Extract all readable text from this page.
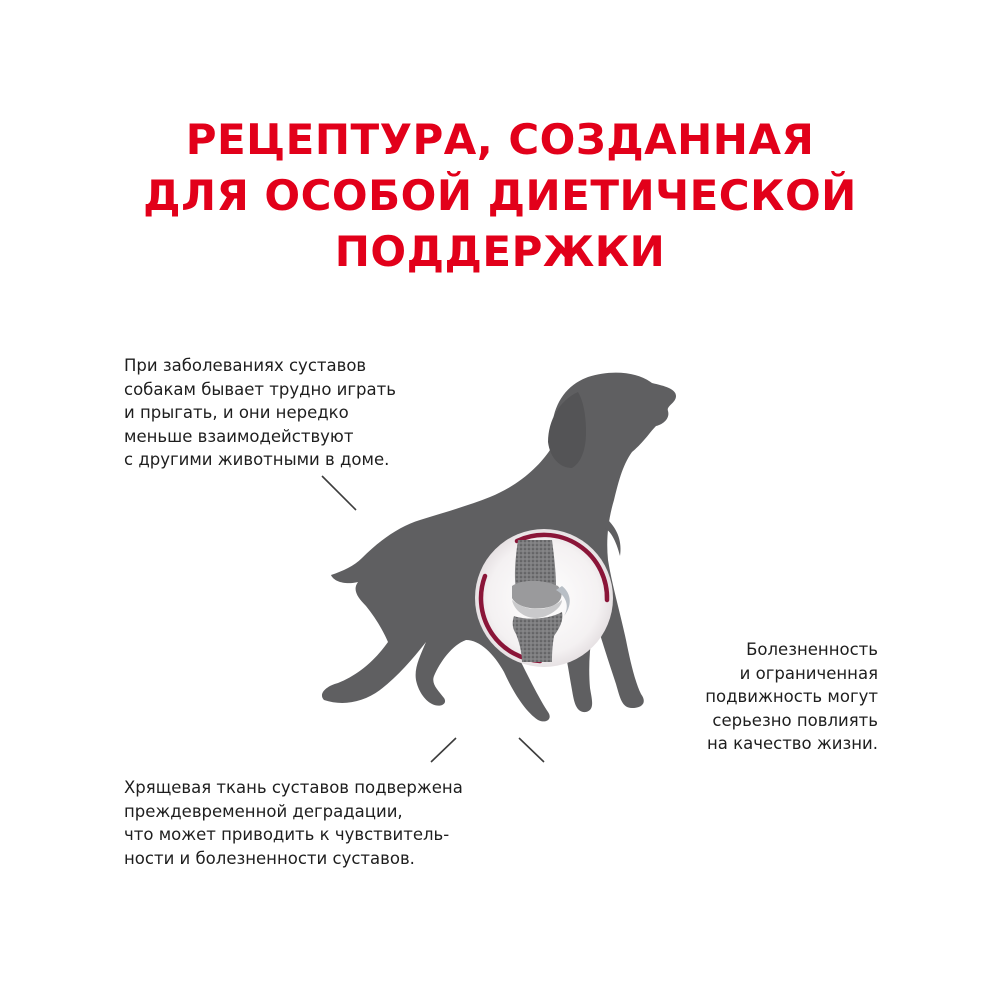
РЕЦЕПТУРА, СОЗДАННАЯ
ДЛЯ ОСОБОЙ ДИЕТИЧЕСКОЙ
ПОДДЕРЖКИ

При заболеваниях суставов
собакам бывает трудно играть
и прыгать, и они нередко
меньше взаимодействуют
с другими животными в доме.

Болезненность
и ограниченная
подвижность могут
серьезно повлиять
на качество жизни.

Хрящевая ткань суставов подвержена
преждевременной деградации,
что может приводить к чувствитель-
ности и болезненности суставов.
